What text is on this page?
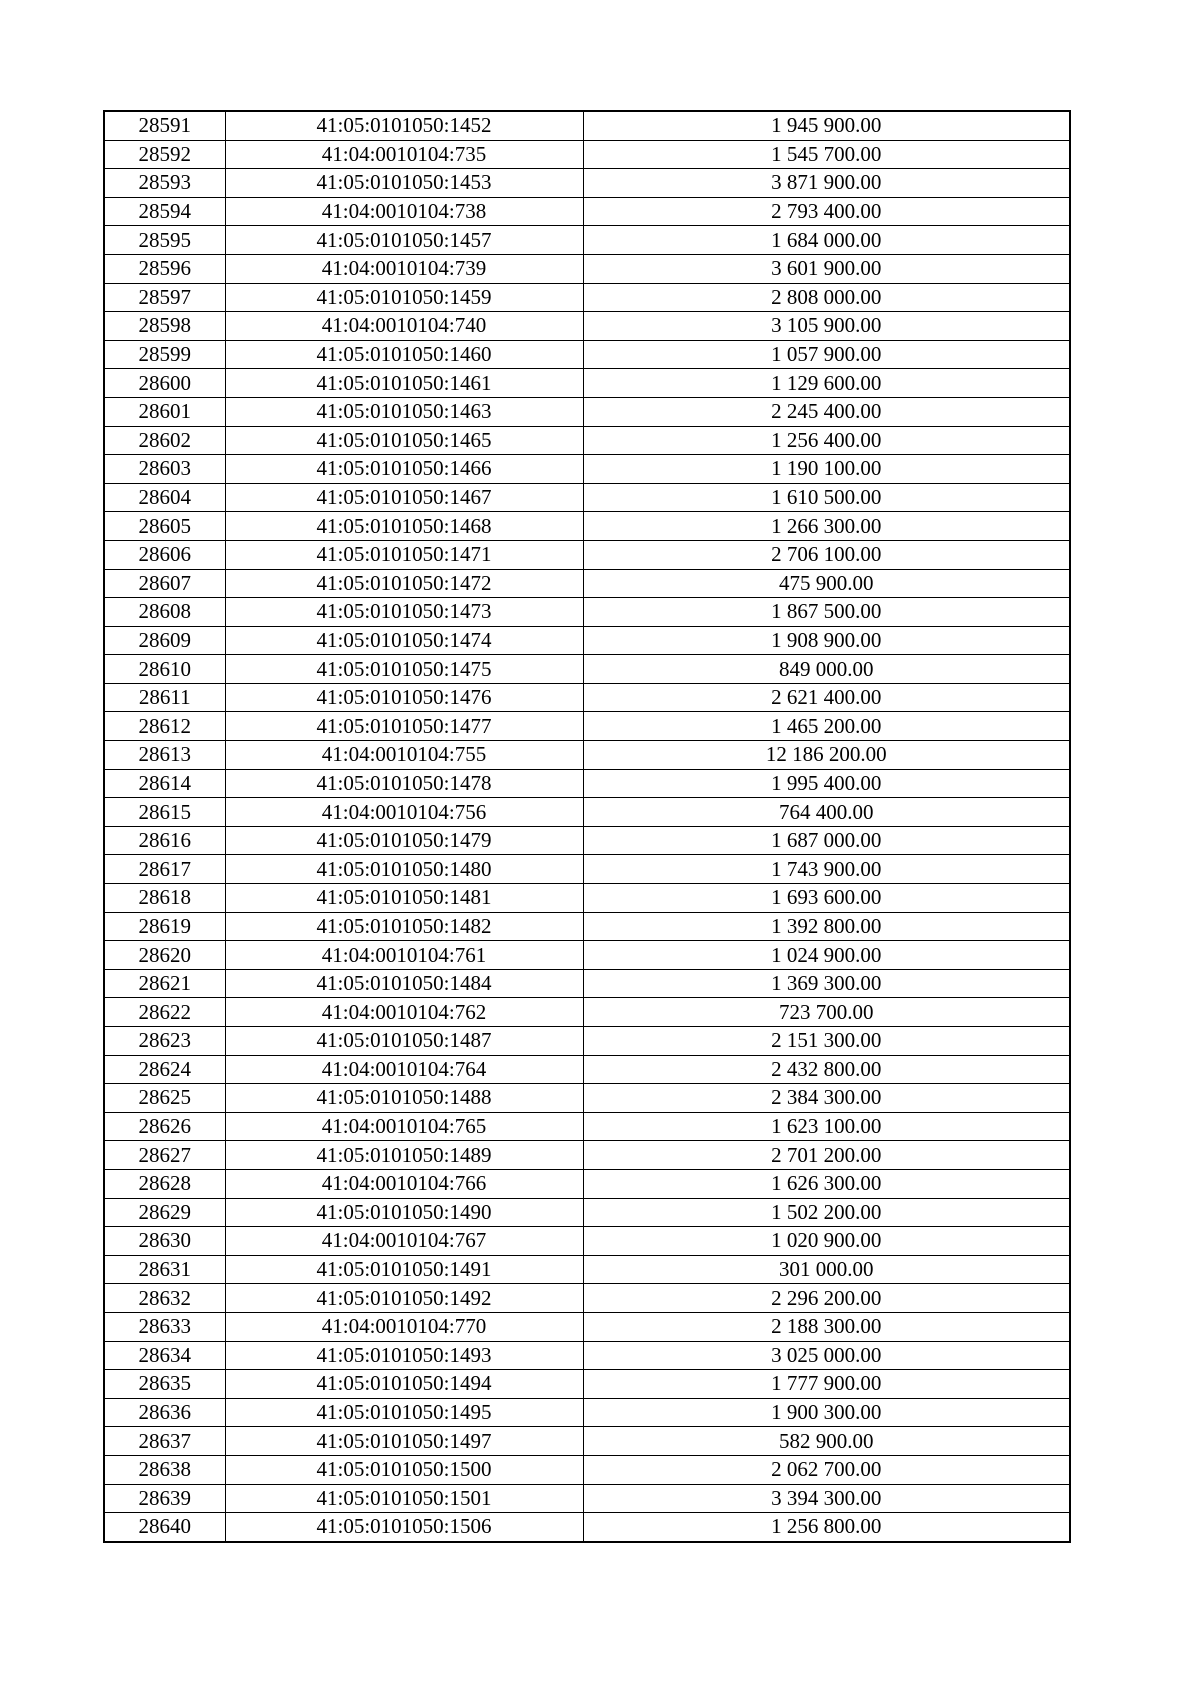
28591	41:05:0101050:1452	1 945 900.00
28592	41:04:0010104:735	1 545 700.00
28593	41:05:0101050:1453	3 871 900.00
28594	41:04:0010104:738	2 793 400.00
28595	41:05:0101050:1457	1 684 000.00
28596	41:04:0010104:739	3 601 900.00
28597	41:05:0101050:1459	2 808 000.00
28598	41:04:0010104:740	3 105 900.00
28599	41:05:0101050:1460	1 057 900.00
28600	41:05:0101050:1461	1 129 600.00
28601	41:05:0101050:1463	2 245 400.00
28602	41:05:0101050:1465	1 256 400.00
28603	41:05:0101050:1466	1 190 100.00
28604	41:05:0101050:1467	1 610 500.00
28605	41:05:0101050:1468	1 266 300.00
28606	41:05:0101050:1471	2 706 100.00
28607	41:05:0101050:1472	475 900.00
28608	41:05:0101050:1473	1 867 500.00
28609	41:05:0101050:1474	1 908 900.00
28610	41:05:0101050:1475	849 000.00
28611	41:05:0101050:1476	2 621 400.00
28612	41:05:0101050:1477	1 465 200.00
28613	41:04:0010104:755	12 186 200.00
28614	41:05:0101050:1478	1 995 400.00
28615	41:04:0010104:756	764 400.00
28616	41:05:0101050:1479	1 687 000.00
28617	41:05:0101050:1480	1 743 900.00
28618	41:05:0101050:1481	1 693 600.00
28619	41:05:0101050:1482	1 392 800.00
28620	41:04:0010104:761	1 024 900.00
28621	41:05:0101050:1484	1 369 300.00
28622	41:04:0010104:762	723 700.00
28623	41:05:0101050:1487	2 151 300.00
28624	41:04:0010104:764	2 432 800.00
28625	41:05:0101050:1488	2 384 300.00
28626	41:04:0010104:765	1 623 100.00
28627	41:05:0101050:1489	2 701 200.00
28628	41:04:0010104:766	1 626 300.00
28629	41:05:0101050:1490	1 502 200.00
28630	41:04:0010104:767	1 020 900.00
28631	41:05:0101050:1491	301 000.00
28632	41:05:0101050:1492	2 296 200.00
28633	41:04:0010104:770	2 188 300.00
28634	41:05:0101050:1493	3 025 000.00
28635	41:05:0101050:1494	1 777 900.00
28636	41:05:0101050:1495	1 900 300.00
28637	41:05:0101050:1497	582 900.00
28638	41:05:0101050:1500	2 062 700.00
28639	41:05:0101050:1501	3 394 300.00
28640	41:05:0101050:1506	1 256 800.00
